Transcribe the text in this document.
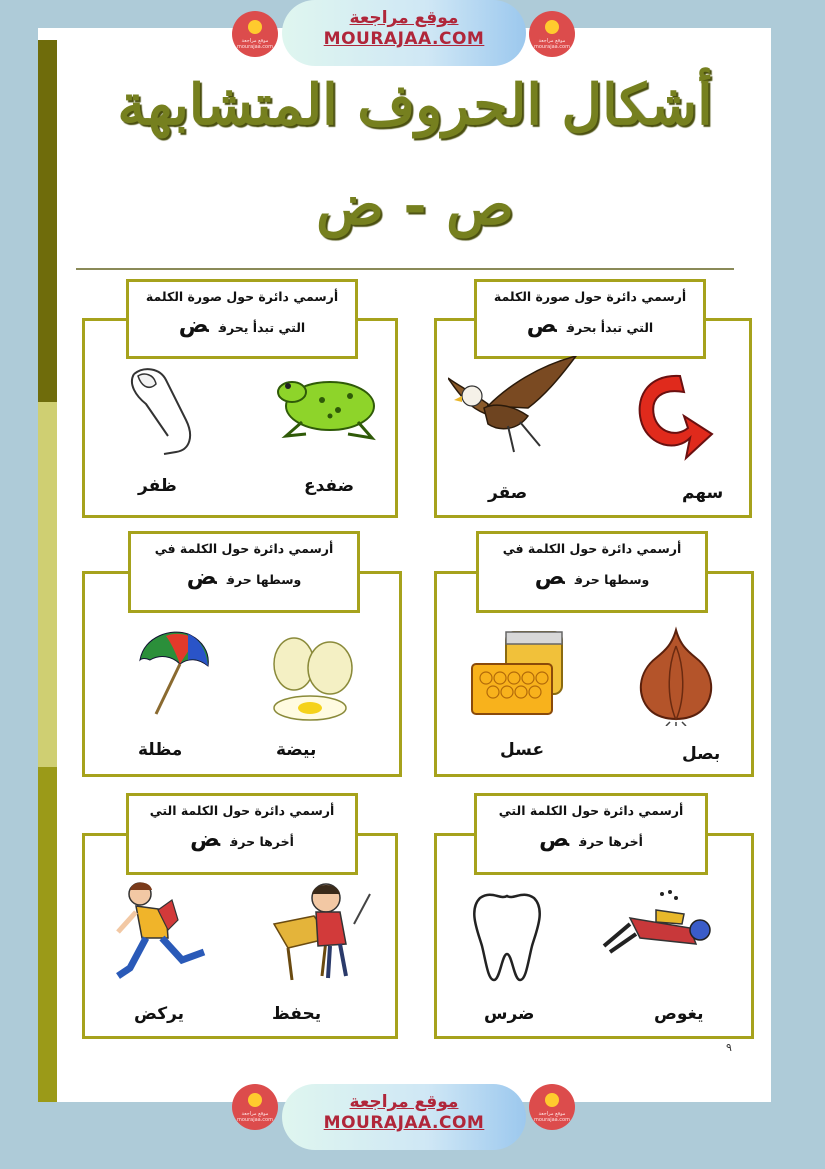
موقع مراجعة mourajaa.com
موقع مراجعة
MOURAJAA.COM	موقع مراجعة mourajaa.com
أشكال الحروف المتشابهة
ص - ض
أرسمي دائرة حول صورة الكلمة
التي تبدأ بحرفص
سهم
صقر
أرسمي دائرة حول صورة الكلمة
التي تبدأ يحرفض
ضفدع
ظفر
أرسمي دائرة حول الكلمة في
وسطها حرفص
بصل
عسل
أرسمي دائرة حول الكلمة في
وسطها حرفض
بيضة
مظلة
أرسمي دائرة حول الكلمة التي
أخرها حرفص
يغوص
ضرس
أرسمي دائرة حول الكلمة التي
أخرها حرفض
يحفظ
يركض
٩
موقع مراجعة mourajaa.com
موقع مراجعة
MOURAJAA.COM	موقع مراجعة mourajaa.com
